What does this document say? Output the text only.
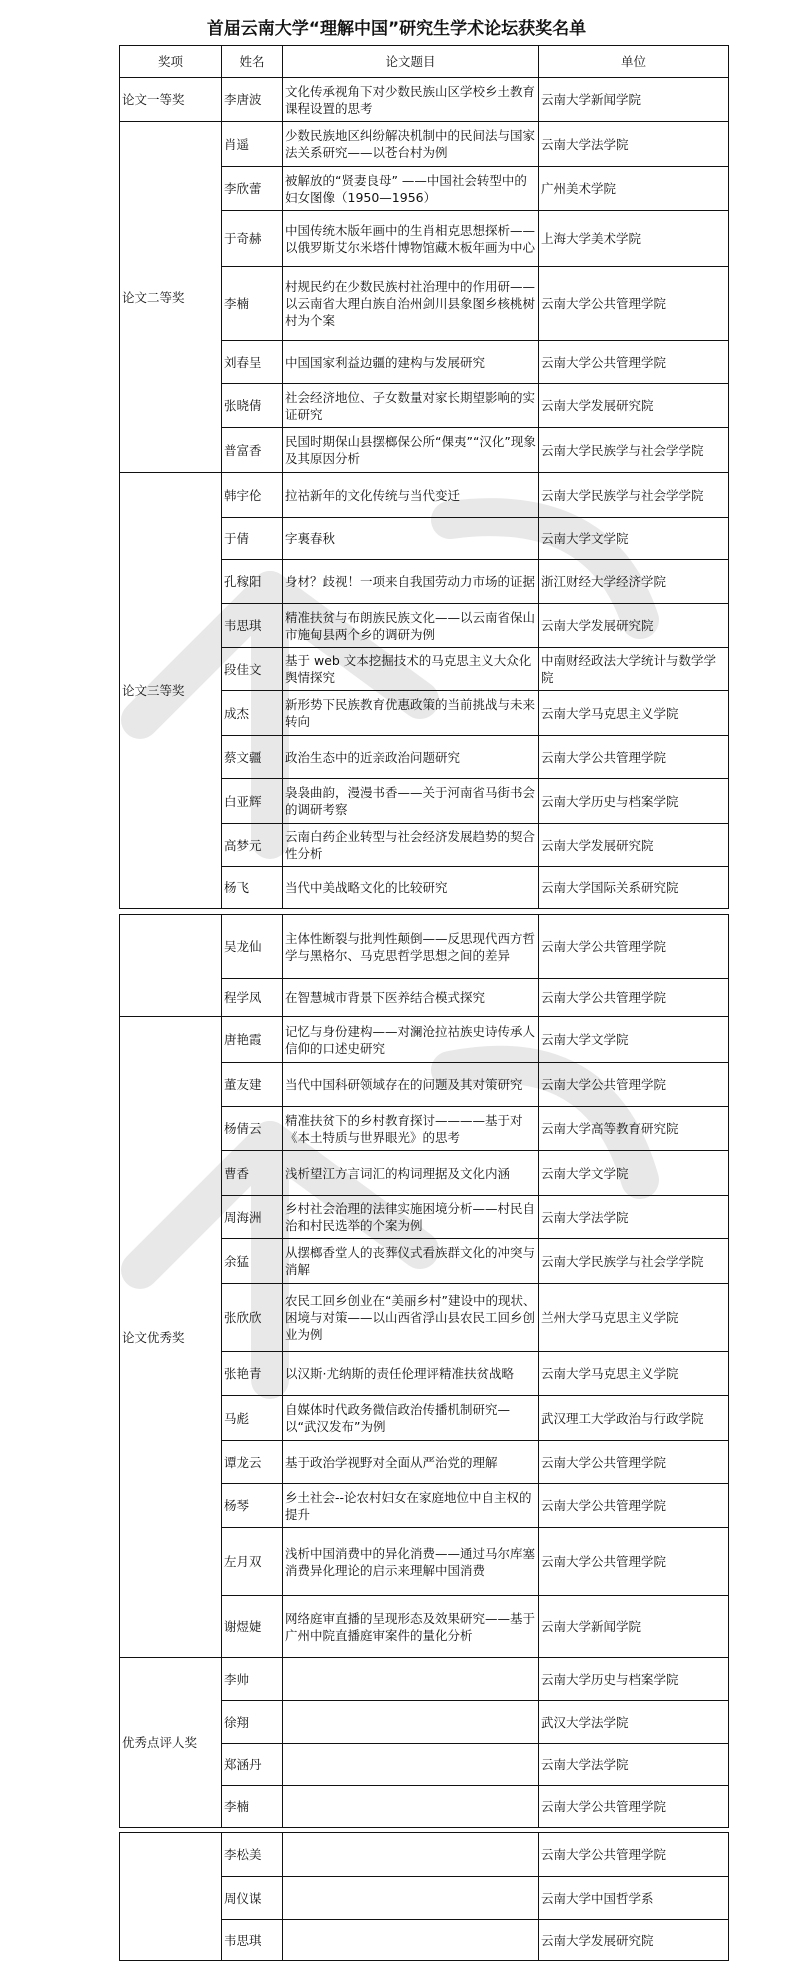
首届云南大学“理解中国”研究生学术论坛获奖名单
奖项	姓名	论文题目	单位
论文一等奖	李唐波	文化传承视角下对少数民族山区学校乡土教育课程设置的思考	云南大学新闻学院
论文二等奖	肖遥	少数民族地区纠纷解决机制中的民间法与国家法关系研究——以苍台村为例	云南大学法学院
	李欣蕾	被解放的“贤妻良母” ——中国社会转型中的妇女图像（1950—1956）	广州美术学院
	于奇赫	中国传统木版年画中的生肖相克思想探析——以俄罗斯艾尔米塔什博物馆藏木板年画为中心	上海大学美术学院
	李楠	村规民约在少数民族村社治理中的作用研——以云南省大理白族自治州剑川县象图乡核桃树村为个案	云南大学公共管理学院
	刘春呈	中国国家利益边疆的建构与发展研究	云南大学公共管理学院
	张晓倩	社会经济地位、子女数量对家长期望影响的实证研究	云南大学发展研究院
	普富香	民国时期保山县摆榔保公所“倮夷”“汉化”现象及其原因分析	云南大学民族学与社会学学院
论文三等奖	韩宇伦	拉祜新年的文化传统与当代变迁	云南大学民族学与社会学学院
	于倩	字裏春秋	云南大学文学院
	孔稼阳	身材？歧视！一项来自我国劳动力市场的证据	浙江财经大学经济学院
	韦思琪	精准扶贫与布朗族民族文化——以云南省保山市施甸县两个乡的调研为例	云南大学发展研究院
	段佳文	基于 web 文本挖掘技术的马克思主义大众化舆情探究	中南财经政法大学统计与数学学院
	成杰	新形势下民族教育优惠政策的当前挑战与未来转向	云南大学马克思主义学院
	蔡文疆	政治生态中的近亲政治问题研究	云南大学公共管理学院
	白亚辉	袅袅曲韵，漫漫书香——关于河南省马街书会的调研考察	云南大学历史与档案学院
	高梦元	云南白药企业转型与社会经济发展趋势的契合性分析	云南大学发展研究院
	杨飞	当代中美战略文化的比较研究	云南大学国际关系研究院
	吴龙仙	主体性断裂与批判性颠倒——反思现代西方哲学与黑格尔、马克思哲学思想之间的差异	云南大学公共管理学院
	程学凤	在智慧城市背景下医养结合模式探究	云南大学公共管理学院
论文优秀奖	唐艳霞	记忆与身份建构——对澜沧拉祜族史诗传承人信仰的口述史研究	云南大学文学院
	董友建	当代中国科研领域存在的问题及其对策研究	云南大学公共管理学院
	杨倩云	精准扶贫下的乡村教育探讨————基于对《本土特质与世界眼光》的思考	云南大学高等教育研究院
	曹香	浅析望江方言词汇的构词理据及文化内涵	云南大学文学院
	周海洲	乡村社会治理的法律实施困境分析——村民自治和村民选举的个案为例	云南大学法学院
	余猛	从摆榔香堂人的丧葬仪式看族群文化的冲突与消解	云南大学民族学与社会学学院
	张欣欣	农民工回乡创业在“美丽乡村”建设中的现状、困境与对策——以山西省浮山县农民工回乡创业为例	兰州大学马克思主义学院
	张艳青	以汉斯·尤纳斯的责任伦理评精准扶贫战略	云南大学马克思主义学院
	马彪	自媒体时代政务微信政治传播机制研究—以“武汉发布”为例	武汉理工大学政治与行政学院
	谭龙云	基于政治学视野对全面从严治党的理解	云南大学公共管理学院
	杨琴	乡土社会--论农村妇女在家庭地位中自主权的提升	云南大学公共管理学院
	左月双	浅析中国消费中的异化消费——通过马尔库塞消费异化理论的启示来理解中国消费	云南大学公共管理学院
	谢煜婕	网络庭审直播的呈现形态及效果研究——基于广州中院直播庭审案件的量化分析	云南大学新闻学院
优秀点评人奖	李帅		云南大学历史与档案学院
	徐翔		武汉大学法学院
	郑涵丹		云南大学法学院
	李楠		云南大学公共管理学院
	李松美		云南大学公共管理学院
	周仪谋		云南大学中国哲学系
	韦思琪		云南大学发展研究院
